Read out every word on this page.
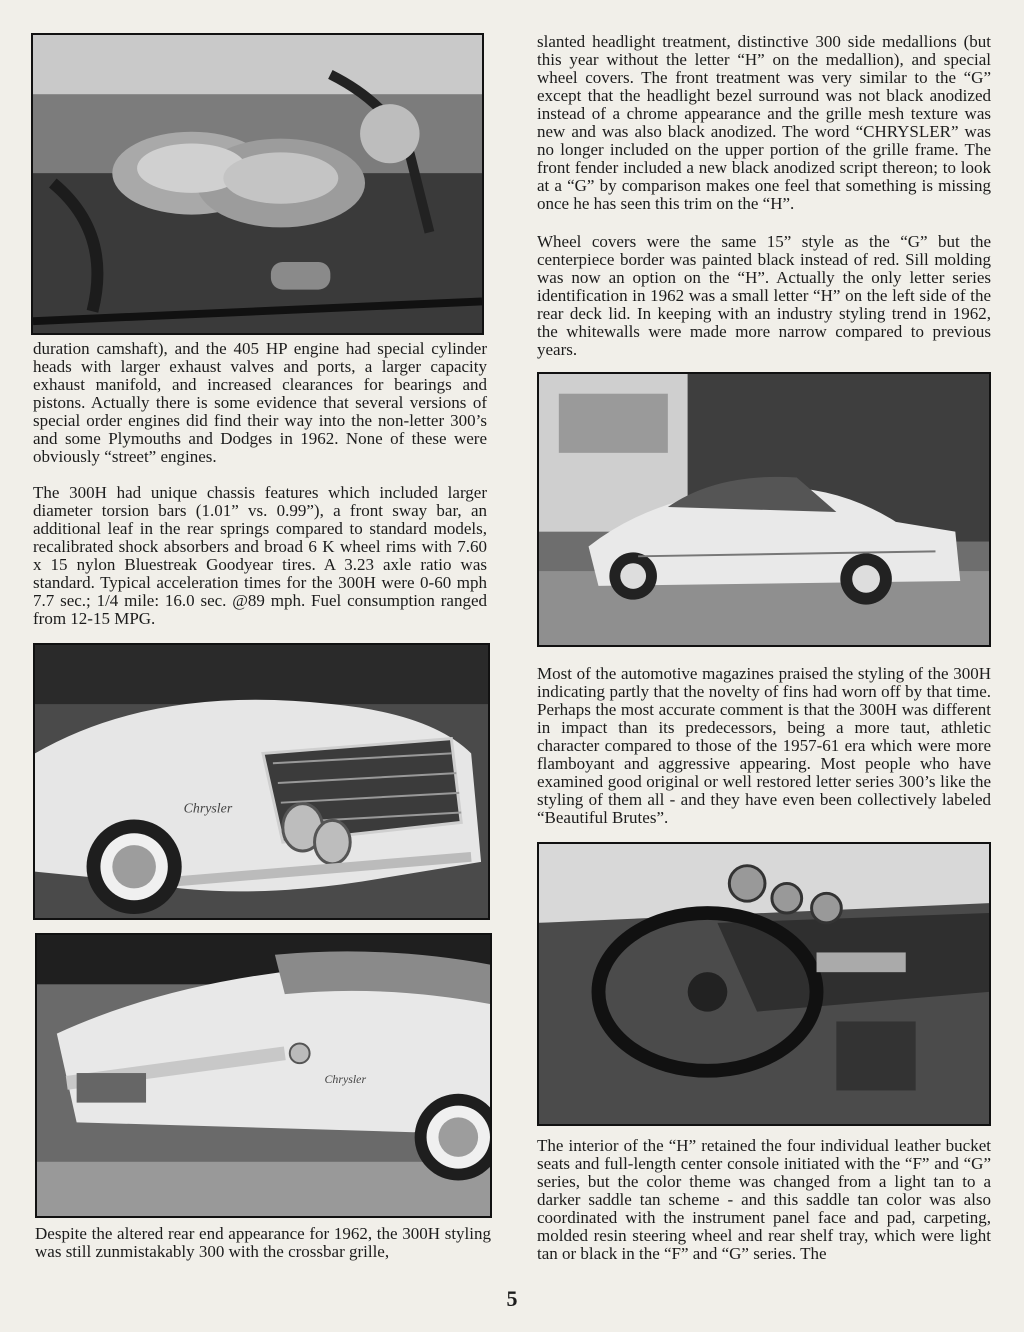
Chrysler
Chrysler

duration camshaft), and the 405 HP engine had special cylinder heads with larger exhaust valves and ports, a larger capacity exhaust manifold, and increased clearances for bearings and pistons. Actually there is some evidence that several versions of special order engines did find their way into the non-letter 300’s and some Plymouths and Dodges in 1962. None of these were obviously “street” engines.

The 300H had unique chassis features which included larger diameter torsion bars (1.01” vs. 0.99”), a front sway bar, an additional leaf in the rear springs compared to standard models, recalibrated shock absorbers and broad 6 K wheel rims with 7.60 x 15 nylon Bluestreak Goodyear tires. A 3.23 axle ratio was standard. Typical acceleration times for the 300H were 0-60 mph 7.7 sec.; 1/4 mile: 16.0 sec. @89 mph. Fuel consumption ranged from 12-15 MPG.

Despite the altered rear end appearance for 1962, the 300H styling was still zunmistakably 300 with the crossbar grille,

slanted headlight treatment, distinctive 300 side medallions (but this year without the letter “H” on the medallion), and special wheel covers. The front treatment was very similar to the “G” except that the headlight bezel surround was not black anodized instead of a chrome appearance and the grille mesh texture was new and was also black anodized. The word “CHRYSLER” was no longer included on the upper portion of the grille frame. The front fender included a new black anodized script thereon; to look at a “G” by comparison makes one feel that something is missing once he has seen this trim on the “H”.

Wheel covers were the same 15” style as the “G” but the centerpiece border was painted black instead of red. Sill molding was now an option on the “H”. Actually the only letter series identification in 1962 was a small letter “H” on the left side of the rear deck lid. In keeping with an industry styling trend in 1962, the whitewalls were made more narrow compared to previous years.

Most of the automotive magazines praised the styling of the 300H indicating partly that the novelty of fins had worn off by that time. Perhaps the most accurate comment is that the 300H was different in impact than its predecessors, being a more taut, athletic character compared to those of the 1957-61 era which were more flamboyant and aggressive appearing. Most people who have examined good original or well restored letter series 300’s like the styling of them all - and they have even been collectively labeled “Beautiful Brutes”.

The interior of the “H” retained the four individual leather bucket seats and full-length center console initiated with the “F” and “G” series, but the color theme was changed from a light tan to a darker saddle tan scheme - and this saddle tan color was also coordinated with the instrument panel face and pad, carpeting, molded resin steering wheel and rear shelf tray, which were light tan or black in the “F” and “G” series. The

5
